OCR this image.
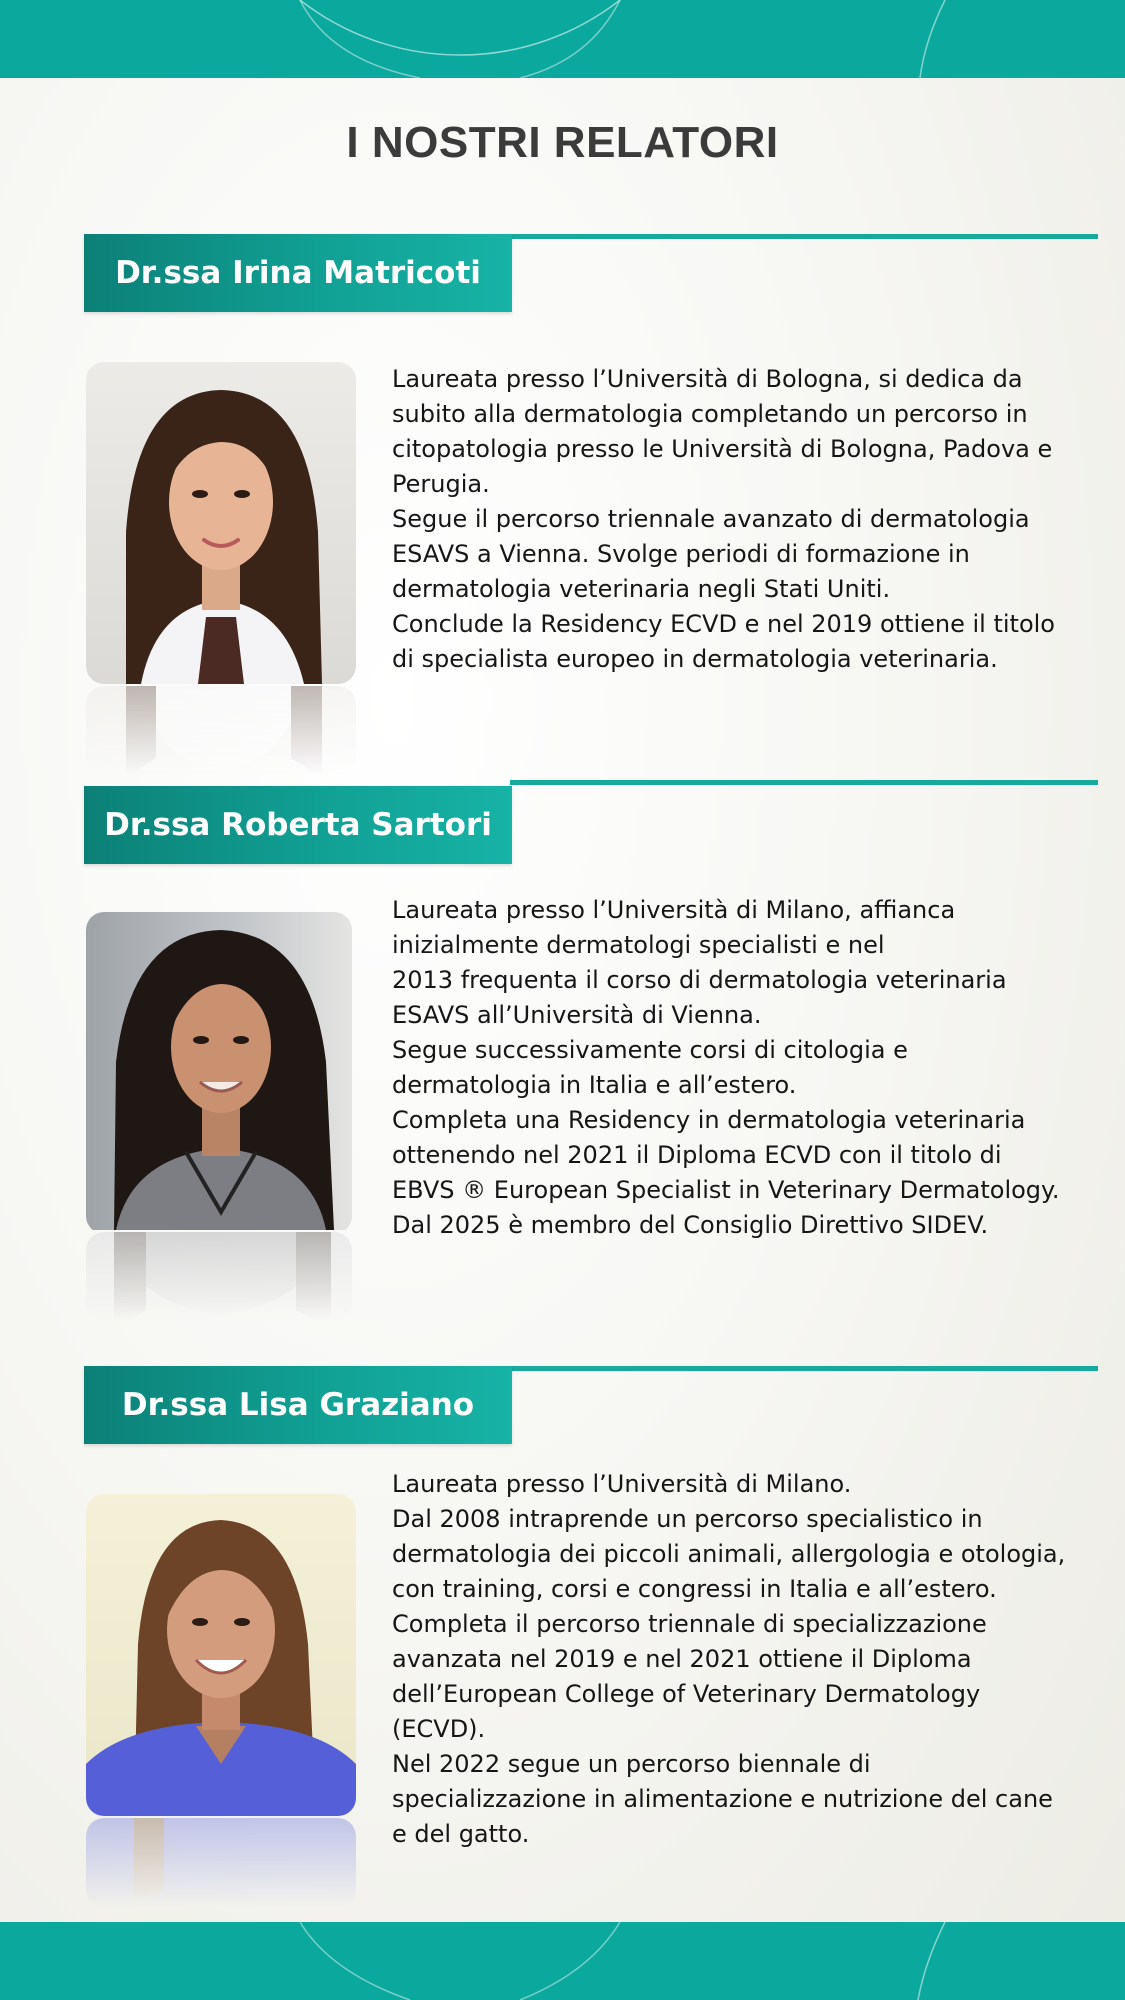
I NOSTRI RELATORI
Dr.ssa Irina Matricoti

Laureata presso l’Università di Bologna, si dedica da

subito alla dermatologia completando un percorso in

citopatologia presso le Università di Bologna, Padova e

Perugia.

Segue il percorso triennale avanzato di dermatologia

ESAVS a Vienna. Svolge periodi di formazione in

dermatologia veterinaria negli Stati Uniti.

Conclude la Residency ECVD e nel 2019 ottiene il titolo

di specialista europeo in dermatologia veterinaria.

Dr.ssa Roberta Sartori

Laureata presso l’Università di Milano, affianca

inizialmente dermatologi specialisti e nel

2013 frequenta il corso di dermatologia veterinaria

ESAVS all’Università di Vienna.

Segue successivamente corsi di citologia e

dermatologia in Italia e all’estero.

Completa una Residency in dermatologia veterinaria

ottenendo nel 2021 il Diploma ECVD con il titolo di

EBVS ® European Specialist in Veterinary Dermatology.

Dal 2025 è membro del Consiglio Direttivo SIDEV.

Dr.ssa Lisa Graziano

Laureata presso l’Università di Milano.

Dal 2008 intraprende un percorso specialistico in

dermatologia dei piccoli animali, allergologia e otologia,

con training, corsi e congressi in Italia e all’estero.

Completa il percorso triennale di specializzazione

avanzata nel 2019 e nel 2021 ottiene il Diploma

dell’European College of Veterinary Dermatology

(ECVD).

Nel 2022 segue un percorso biennale di

specializzazione in alimentazione e nutrizione del cane

e del gatto.
